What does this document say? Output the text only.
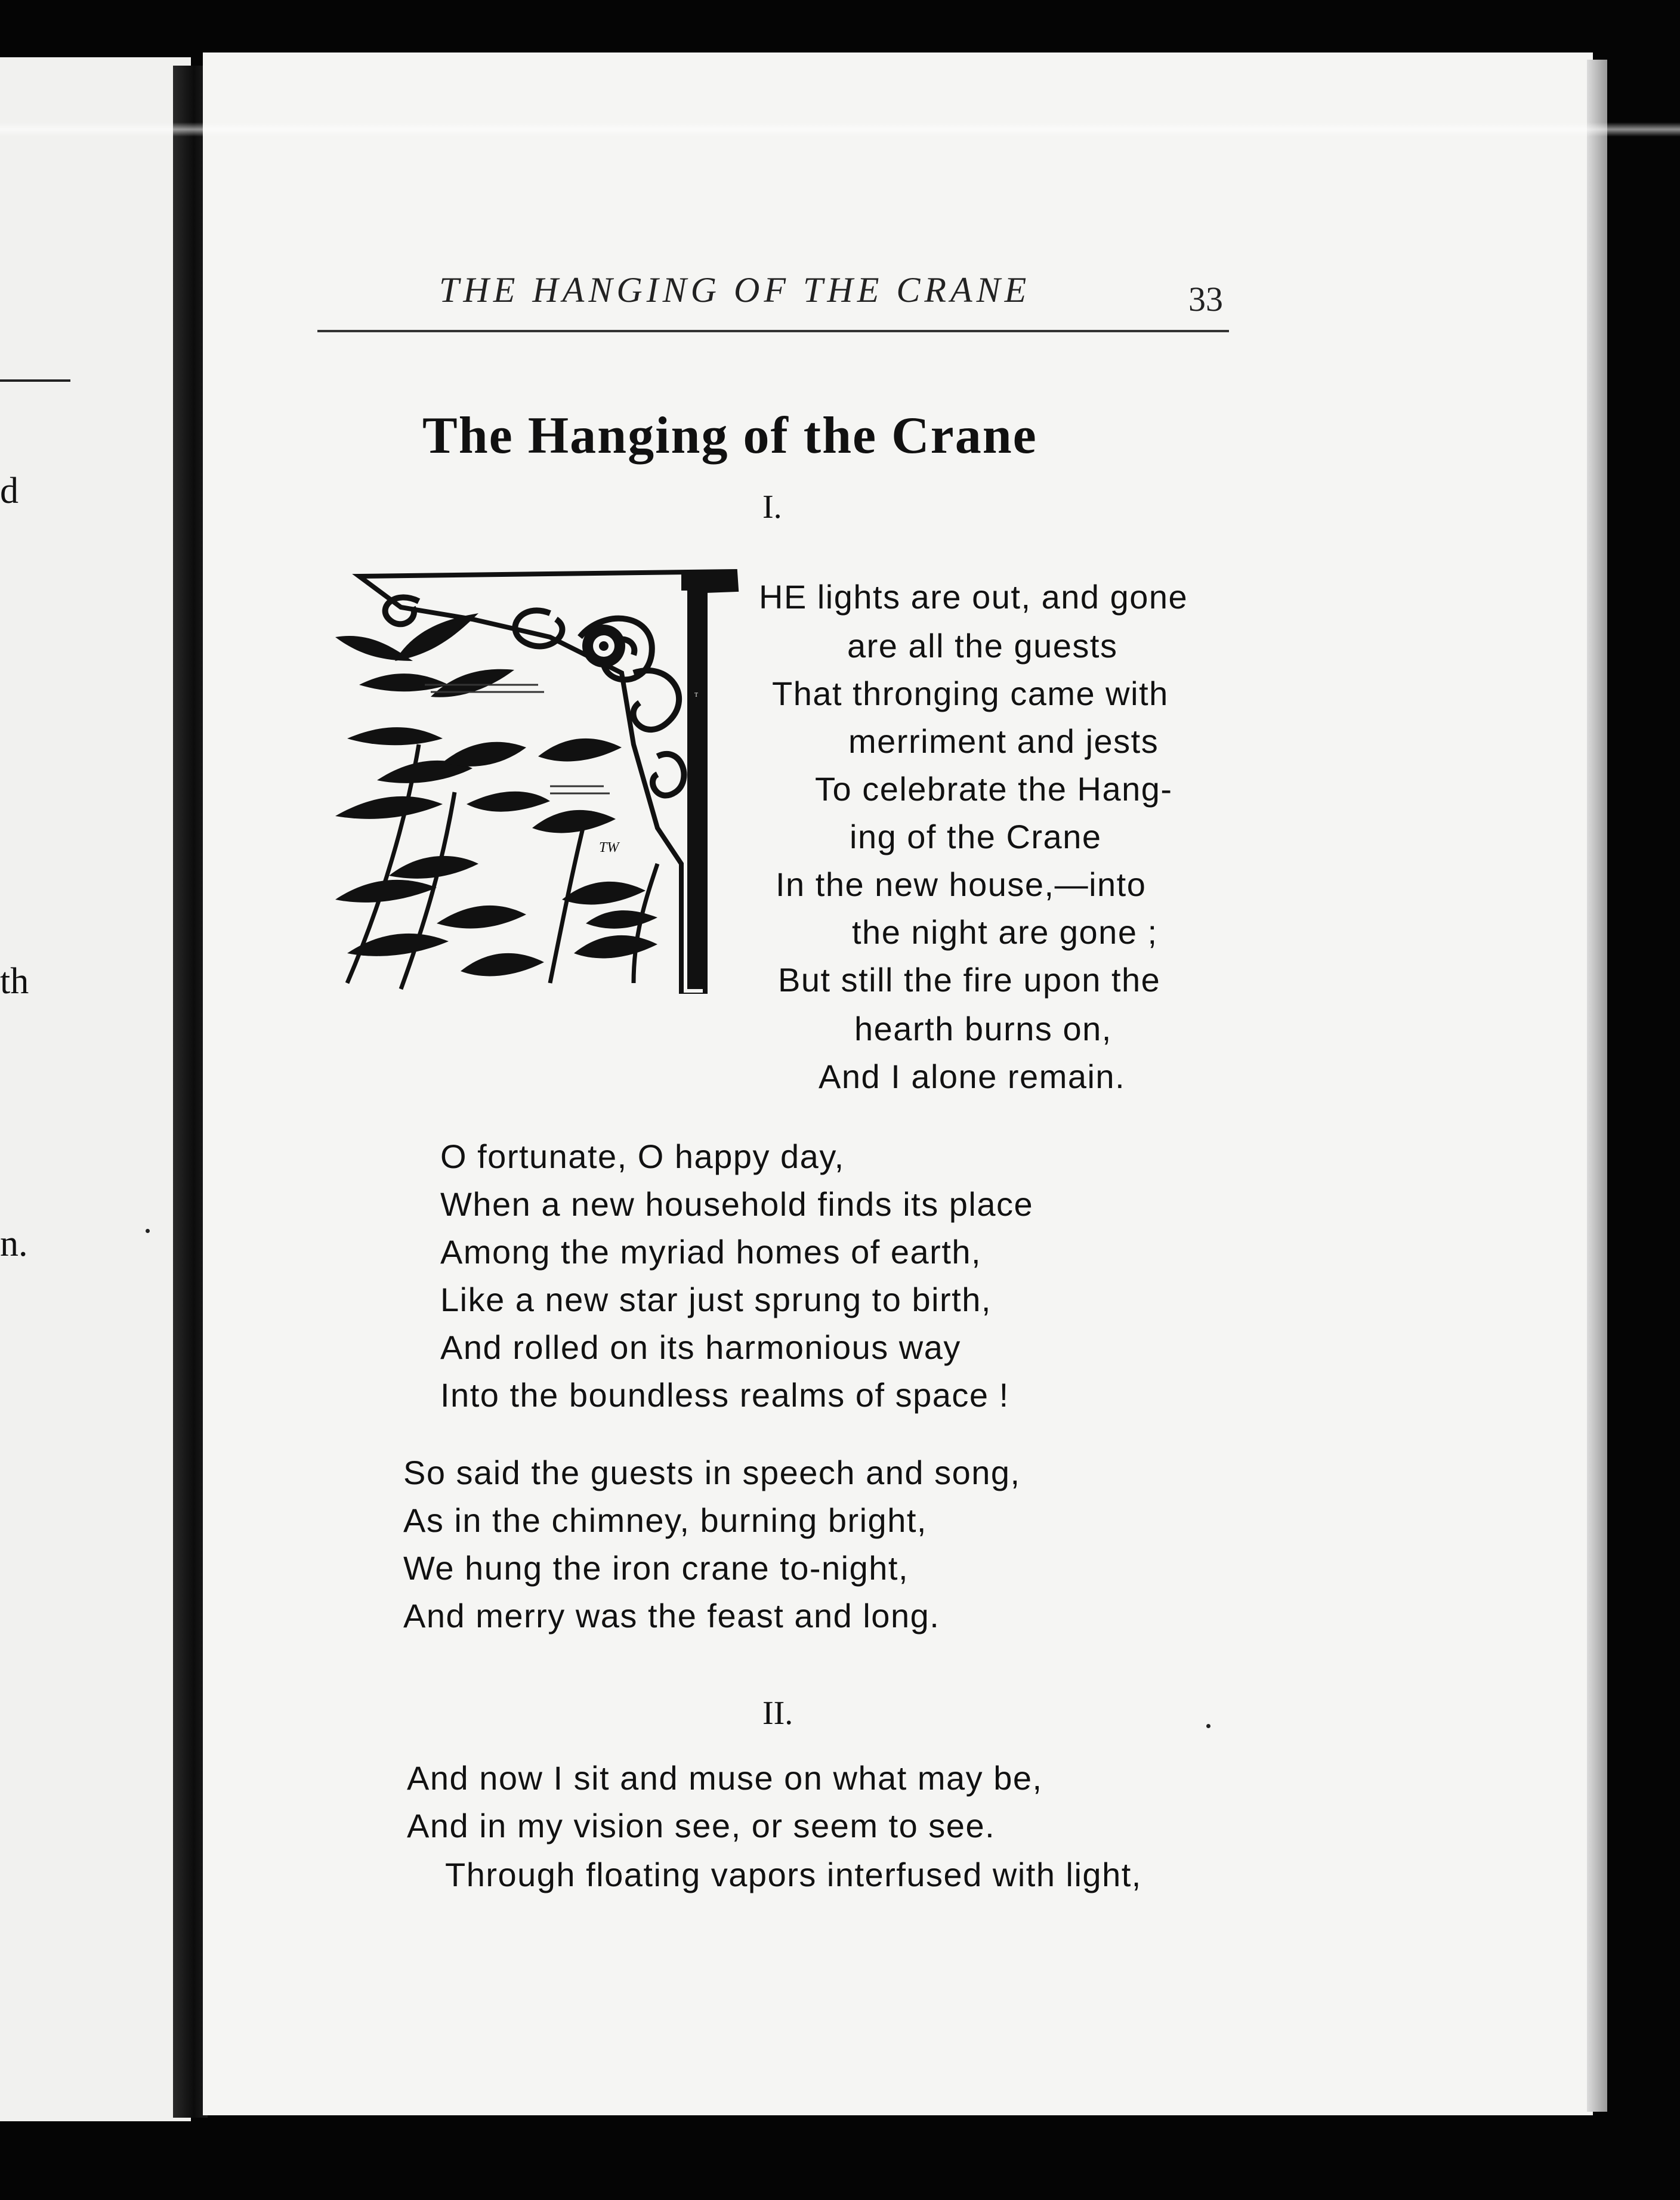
d
th
n.
THE HANGING OF THE CRANE	33
The Hanging of the Crane
I.
T
TW
HE lights are out, and gone
are all the guests
That thronging came with
merriment and jests
To celebrate the Hang-
ing of the Crane
In the new house,—into
the night are gone ;
But still the fire upon the
hearth burns on,
And I alone remain.
O fortunate, O happy day,
When a new household finds its place
Among the myriad homes of earth,
Like a new star just sprung to birth,
And rolled on its harmonious way
Into the boundless realms of space !
So said the guests in speech and song,
As in the chimney, burning bright,
We hung the iron crane to-night,
And merry was the feast and long.
II.
And now I sit and muse on what may be,
And in my vision see, or seem to see.
Through floating vapors interfused with light,
